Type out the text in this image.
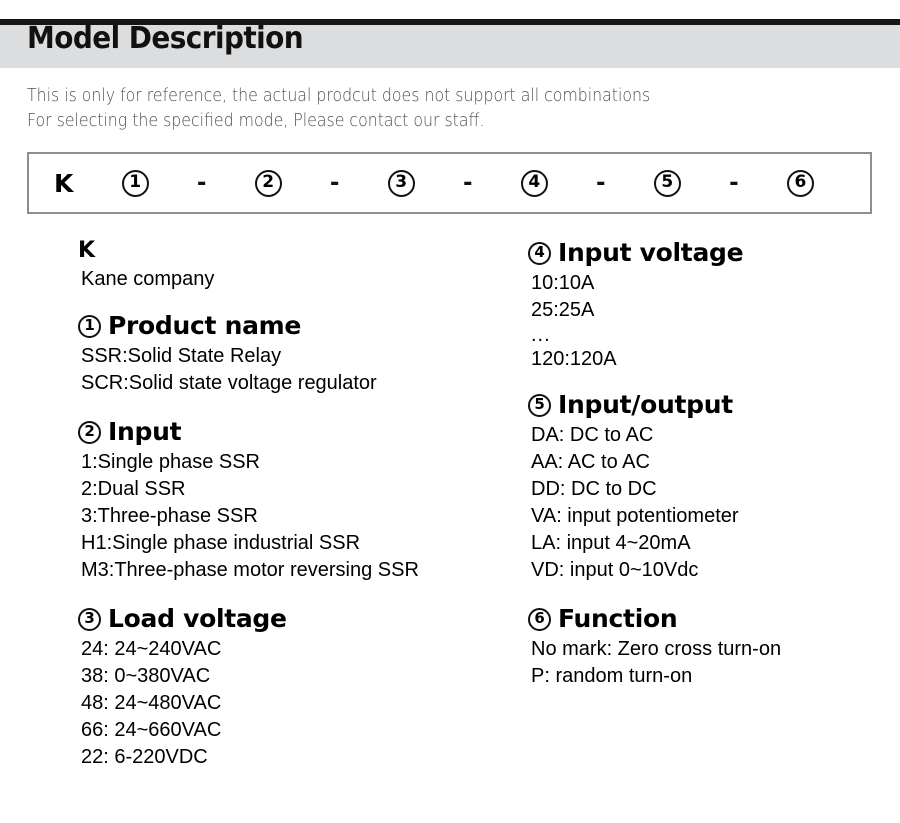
Model Description
This is only for reference, the actual prodcut does not support all combinations
For selecting the specified mode, Please contact our staff.
K	1	-	2	-	3	-	4	-	5	-	6
K
Kane company
1 Product name
SSR:Solid State Relay
SCR:Solid state voltage regulator
2 Input
1:Single phase SSR
2:Dual SSR
3:Three-phase SSR
H1:Single phase industrial SSR
M3:Three-phase motor reversing SSR
3 Load voltage
24: 24~240VAC
38: 0~380VAC
48: 24~480VAC
66: 24~660VAC
22: 6-220VDC
4 Input voltage
10:10A
25:25A
...
120:120A
5 Input/output
DA: DC to AC
AA: AC to AC
DD: DC to DC
VA: input potentiometer
LA: input 4~20mA
VD: input 0~10Vdc
6 Function
No mark: Zero cross turn-on
P: random turn-on
